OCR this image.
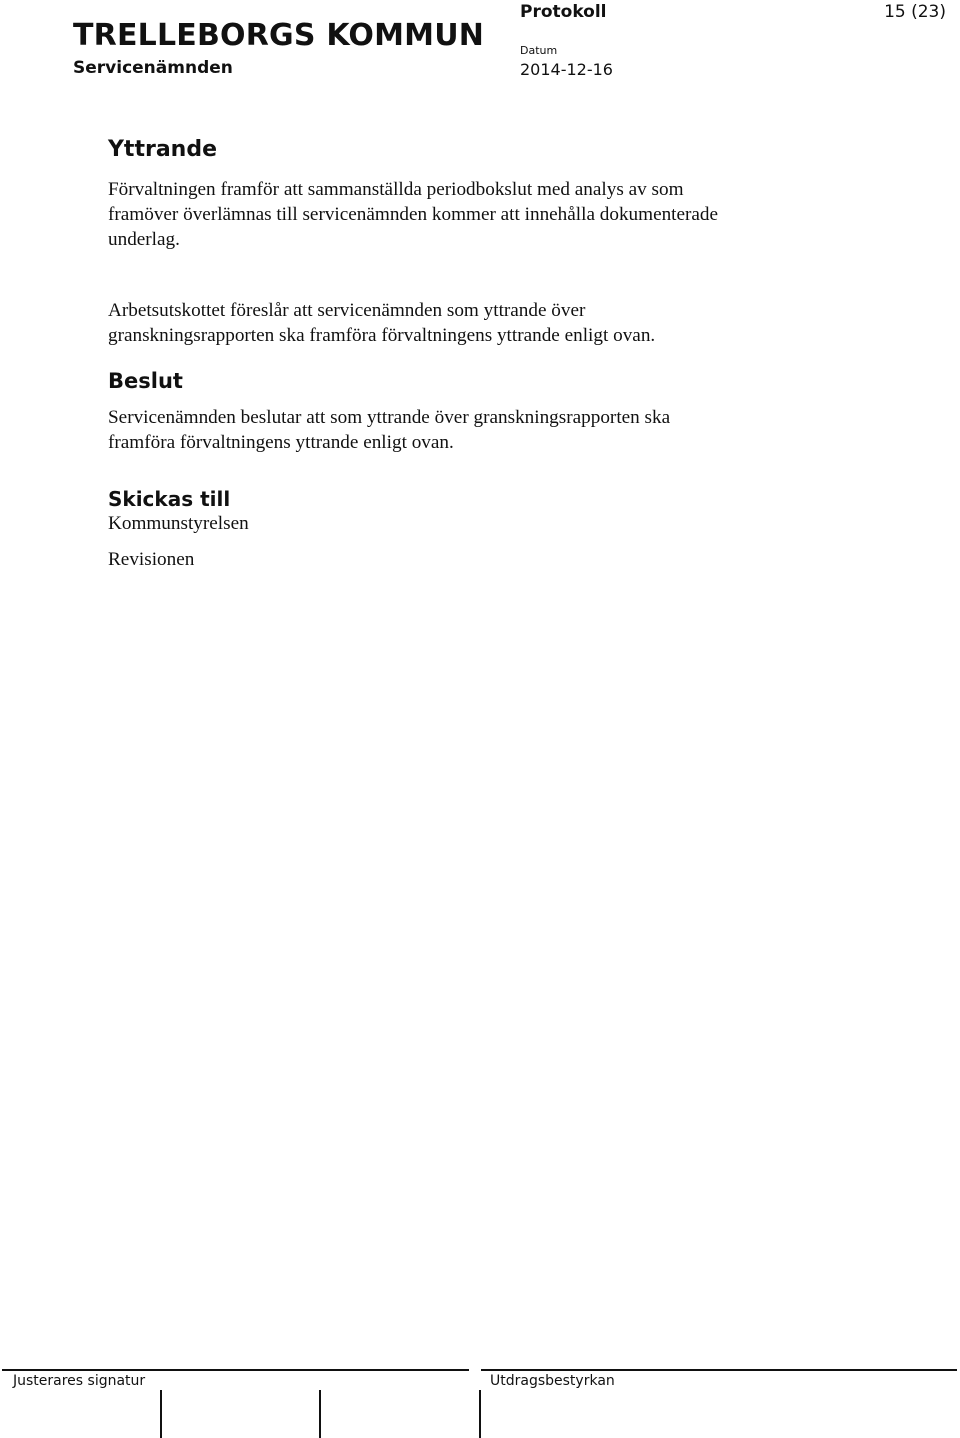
TRELLEBORGS KOMMUN
Servicenämnden
Protokoll	15 (23)
Datum
2014-12-16
Yttrande
Förvaltningen framför att sammanställda periodbokslut med analys av som
framöver överlämnas till servicenämnden kommer att innehålla dokumenterade
underlag.
Arbetsutskottet föreslår att servicenämnden som yttrande över
granskningsrapporten ska framföra förvaltningens yttrande enligt ovan.
Beslut
Servicenämnden beslutar att som yttrande över granskningsrapporten ska
framföra förvaltningens yttrande enligt ovan.
Skickas till
Kommunstyrelsen
Revisionen
Justerares signatur	Utdragsbestyrkan
